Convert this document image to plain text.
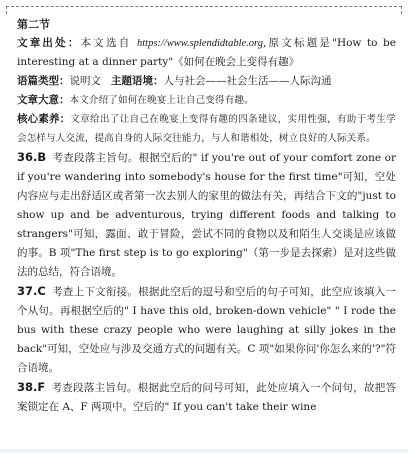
第二节
文章出处：本文选自 https://www.splendidtable.org,原文标题是"How to be interesting at a dinner party"《如何在晚会上变得有趣》
语篇类型：说明文 主题语境：人与社会——社会生活——人际沟通
文章大意：本文介绍了如何在晚宴上让自己变得有趣。
核心素养：文章给出了让自己在晚宴上变得有趣的四条建议，实用性强，有助于考生学会怎样与人交流，提高自身的人际交往能力，与人和谐相处，树立良好的人际关系。
36.B 考查段落主旨句。根据空后的" if you're out of your comfort zone or if you're wandering into somebody's house for the first time"可知，空处内容应与走出舒适区或者第一次去别人的家里的做法有关，再结合下文的"just to show up and be adventurous, trying different foods and talking to strangers"可知，露面、敢于冒险，尝试不同的食物以及和陌生人交谈是应该做的事。B 项"The first step is to go exploring"（第一步是去探索）是对这些做法的总结，符合语境。
37.C 考查上下文衔接。根据此空后的逗号和空后的句子可知，此空应该填入一个从句。再根据空后的" I have this old, broken-down vehicle" " I rode the bus with these crazy people who were laughing at silly jokes in the back"可知，空处应与涉及交通方式的问题有关。C 项"如果你问'你怎么来的'?"符合语境。
38.F 考查段落主旨句。根据此空后的问号可知，此处应填入一个问句，故把答案锁定在 A、F 两项中。空后的" If you can't take their wine
